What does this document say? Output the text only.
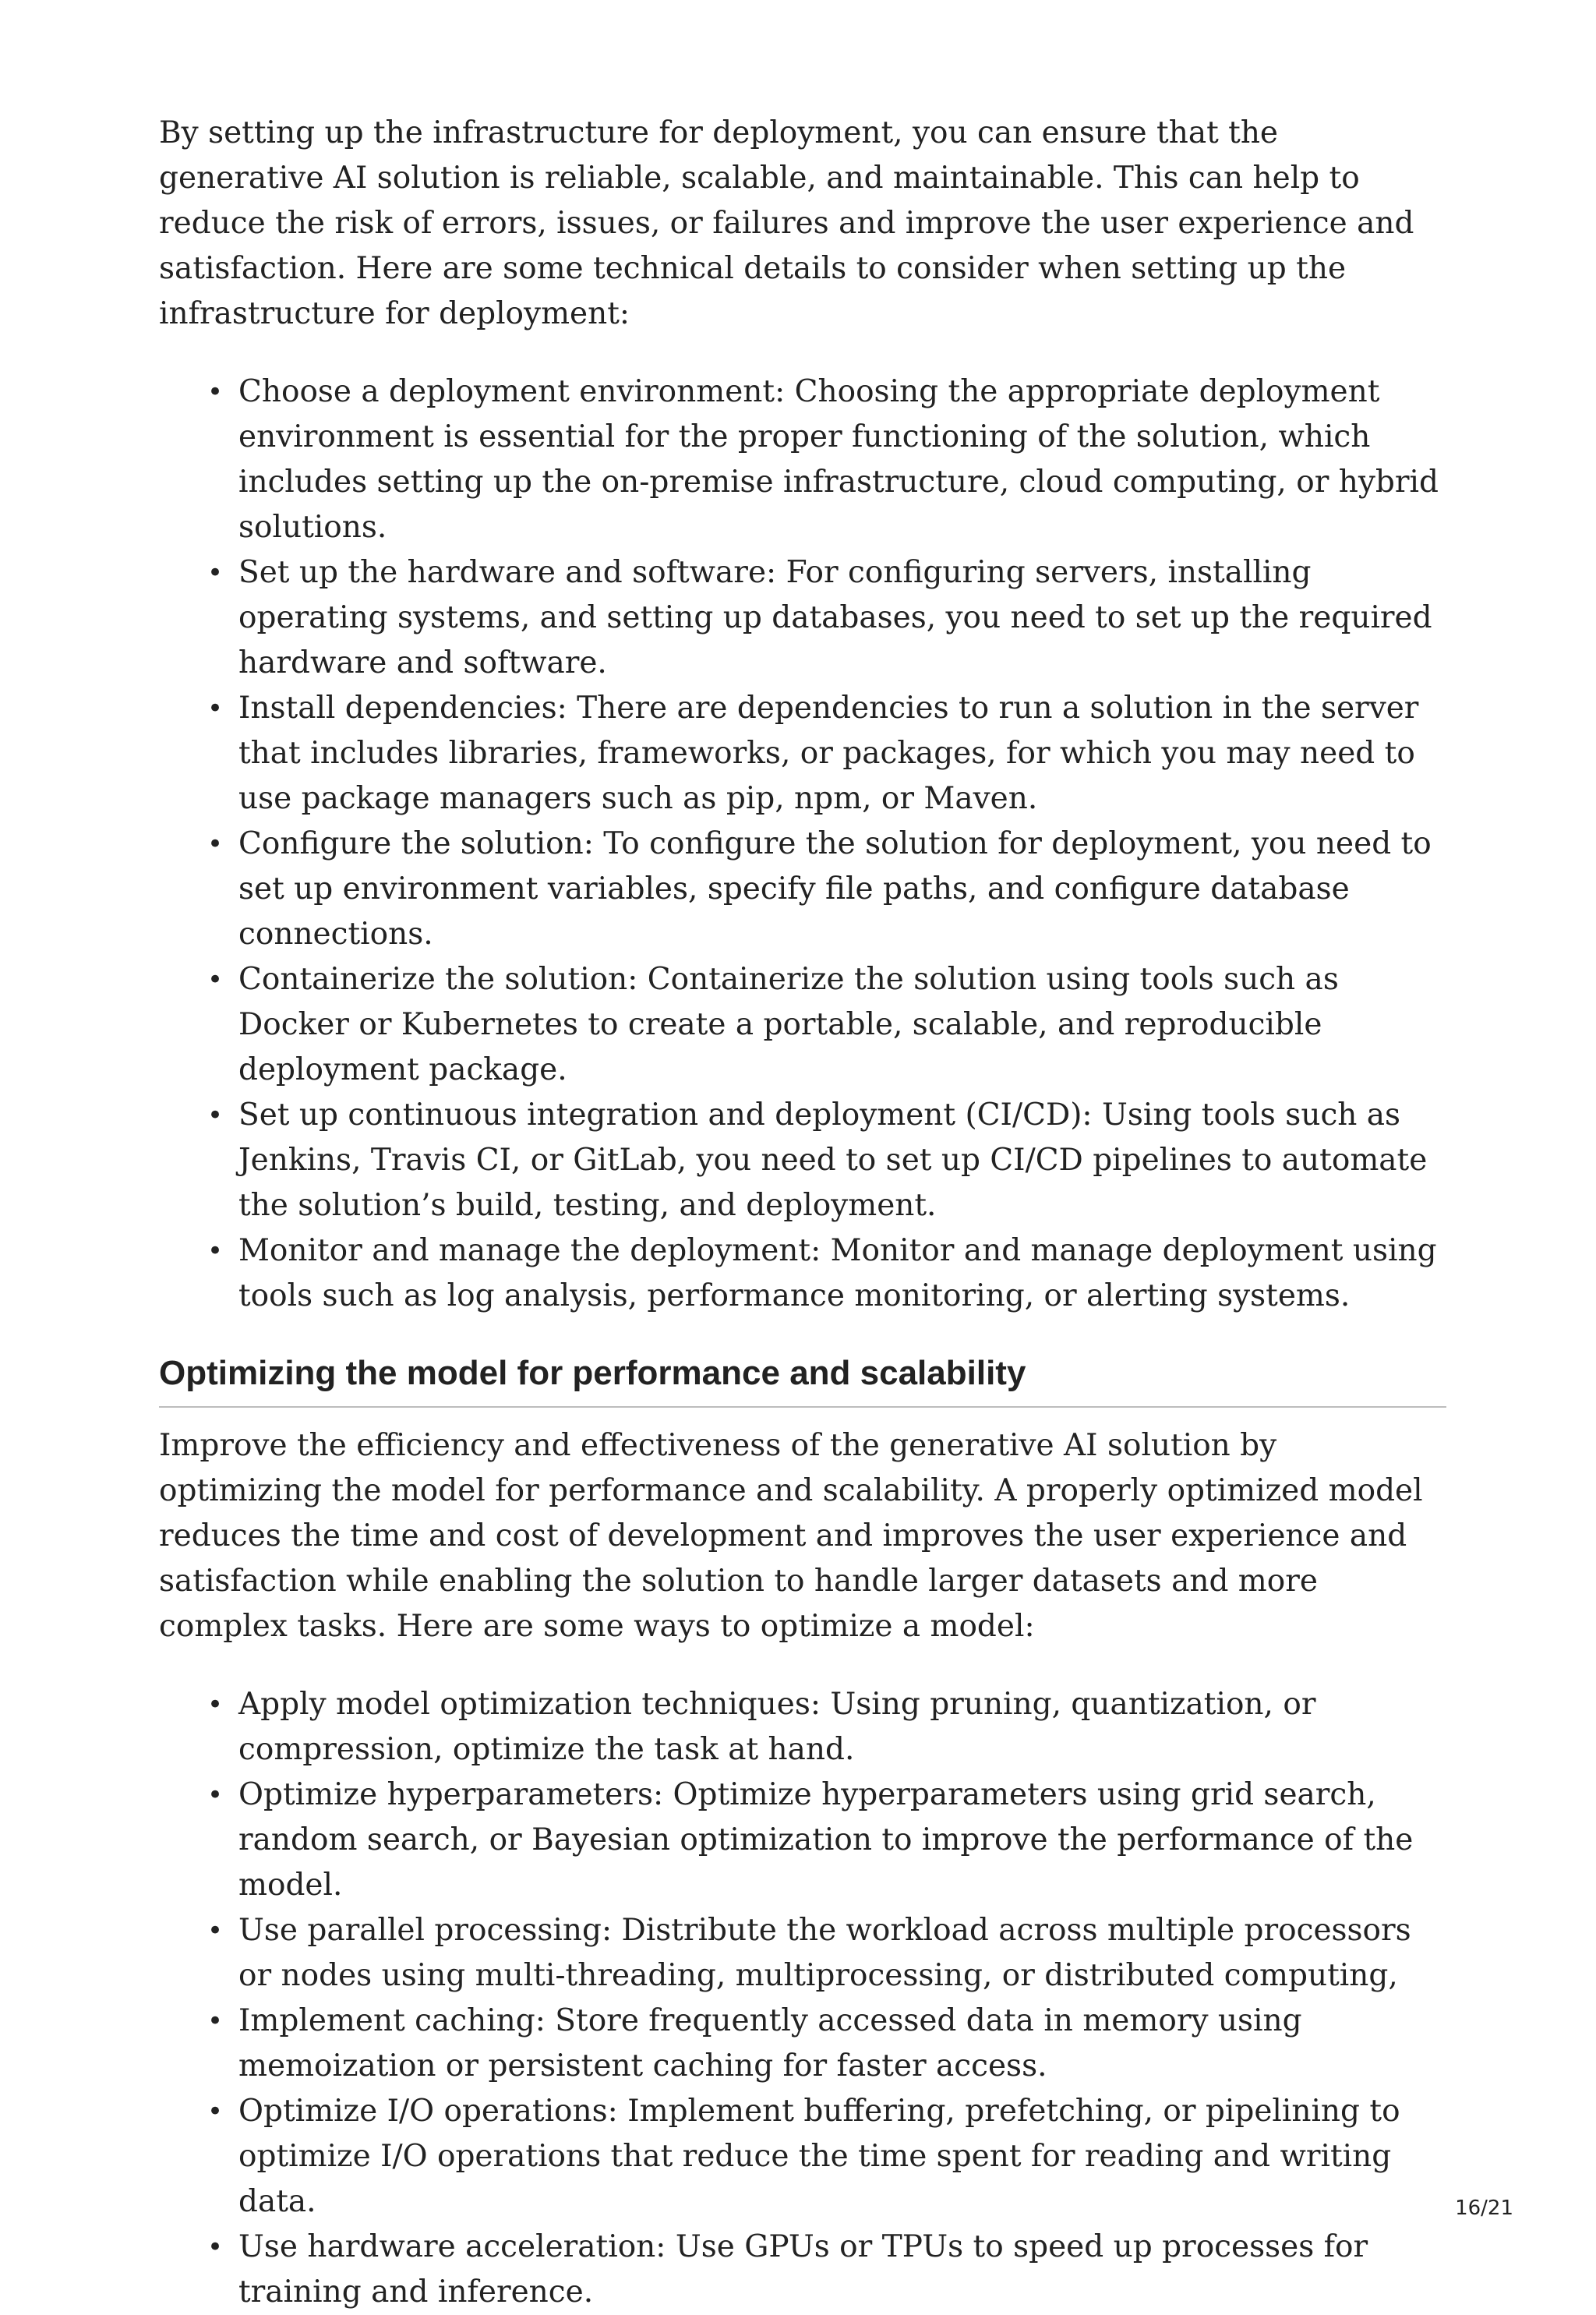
By setting up the infrastructure for deployment, you can ensure that the generative AI solution is reliable, scalable, and maintainable. This can help to reduce the risk of errors, issues, or failures and improve the user experience and satisfaction. Here are some technical details to consider when setting up the infrastructure for deployment:

• Choose a deployment environment: Choosing the appropriate deployment environment is essential for the proper functioning of the solution, which includes setting up the on-premise infrastructure, cloud computing, or hybrid solutions.
• Set up the hardware and software: For configuring servers, installing operating systems, and setting up databases, you need to set up the required hardware and software.
• Install dependencies: There are dependencies to run a solution in the server that includes libraries, frameworks, or packages, for which you may need to use package managers such as pip, npm, or Maven.
• Configure the solution: To configure the solution for deployment, you need to set up environment variables, specify file paths, and configure database connections.
• Containerize the solution: Containerize the solution using tools such as Docker or Kubernetes to create a portable, scalable, and reproducible deployment package.
• Set up continuous integration and deployment (CI/CD): Using tools such as Jenkins, Travis CI, or GitLab, you need to set up CI/CD pipelines to automate the solution’s build, testing, and deployment.
• Monitor and manage the deployment: Monitor and manage deployment using tools such as log analysis, performance monitoring, or alerting systems.
Optimizing the model for performance and scalability

Improve the efficiency and effectiveness of the generative AI solution by optimizing the model for performance and scalability. A properly optimized model reduces the time and cost of development and improves the user experience and satisfaction while enabling the solution to handle larger datasets and more complex tasks. Here are some ways to optimize a model:

• Apply model optimization techniques: Using pruning, quantization, or compression, optimize the task at hand.
• Optimize hyperparameters: Optimize hyperparameters using grid search, random search, or Bayesian optimization to improve the performance of the model.
• Use parallel processing: Distribute the workload across multiple processors or nodes using multi-threading, multiprocessing, or distributed computing,
• Implement caching: Store frequently accessed data in memory using memoization or persistent caching for faster access.
• Optimize I/O operations: Implement buffering, prefetching, or pipelining to optimize I/O operations that reduce the time spent for reading and writing data.
• Use hardware acceleration: Use GPUs or TPUs to speed up processes for training and inference.
16/21
